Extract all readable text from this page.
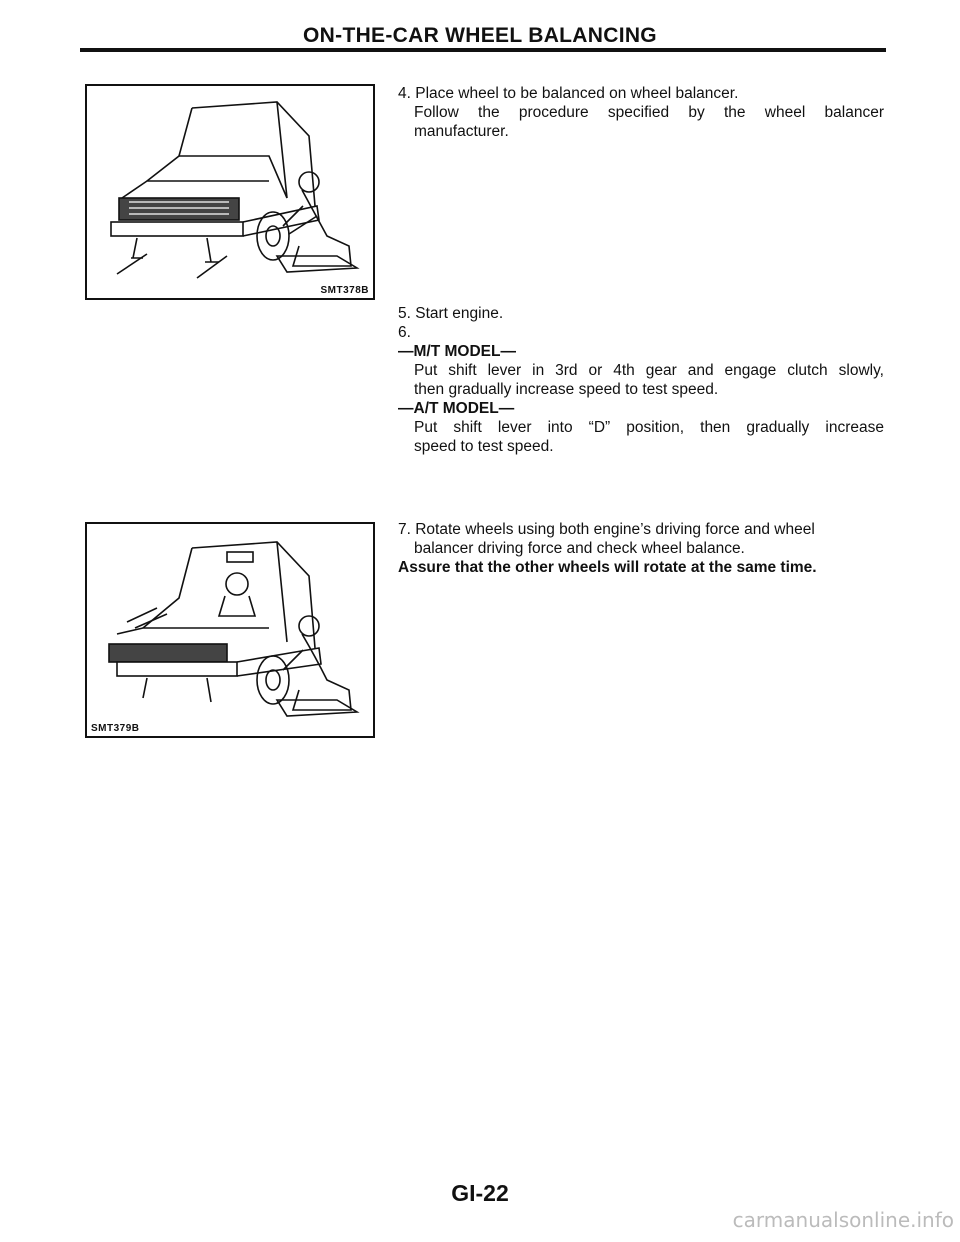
ON-THE-CAR WHEEL BALANCING
SMT378B
SMT379B

4. Place wheel to be balanced on wheel balancer.

Follow the procedure specified by the wheel balancer

manufacturer.

5. Start engine.

6.

—M/T MODEL—

Put shift lever in 3rd or 4th gear and engage clutch slowly,

then gradually increase speed to test speed.

—A/T MODEL—

Put shift lever into “D” position, then gradually increase

speed to test speed.

7. Rotate wheels using both engine’s driving force and wheel

balancer driving force and check wheel balance.

Assure that the other wheels will rotate at the same time.

GI-22
carmanualsonline.info
